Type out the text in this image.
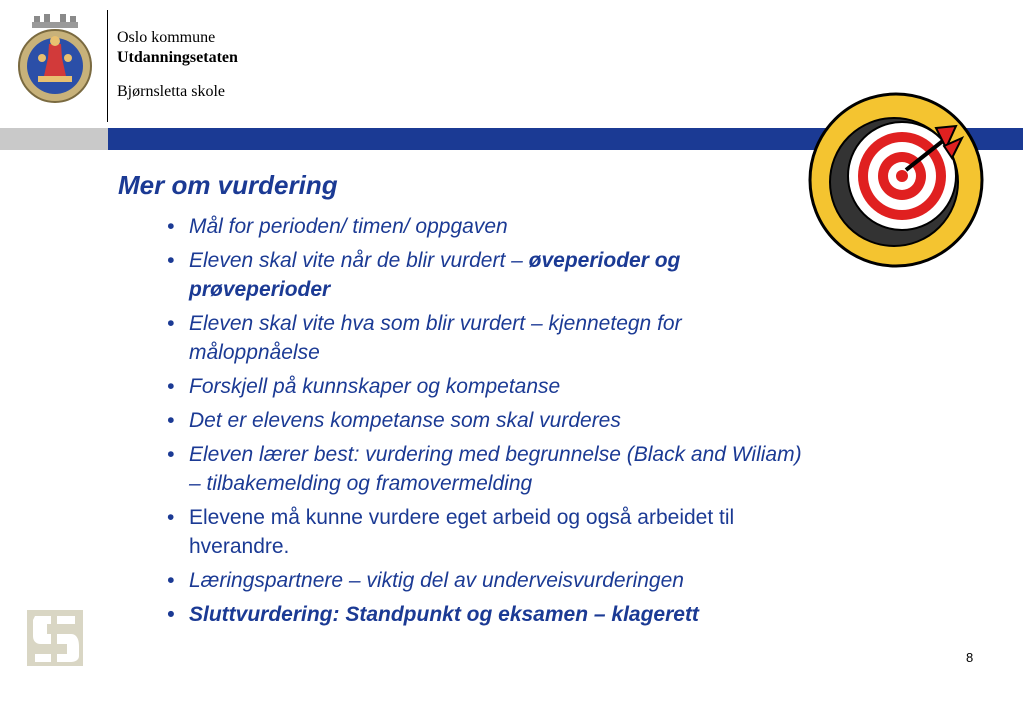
Oslo kommune
Utdanningsetaten
Bjørnsletta skole
Mer om vurdering
• Mål for perioden/ timen/ oppgaven
• Eleven skal vite når de blir vurdert – øveperioder og
prøveperioder
• Eleven skal vite hva som blir vurdert – kjennetegn for
måloppnåelse
• Forskjell på kunnskaper og kompetanse
• Det er elevens kompetanse som skal vurderes
• Eleven lærer best: vurdering med begrunnelse (Black and Wiliam)
– tilbakemelding og framovermelding
• Elevene må kunne vurdere eget arbeid og også arbeidet til
hverandre.
• Læringspartnere – viktig del av underveisvurderingen
• Sluttvurdering: Standpunkt og eksamen – klagerett
8
